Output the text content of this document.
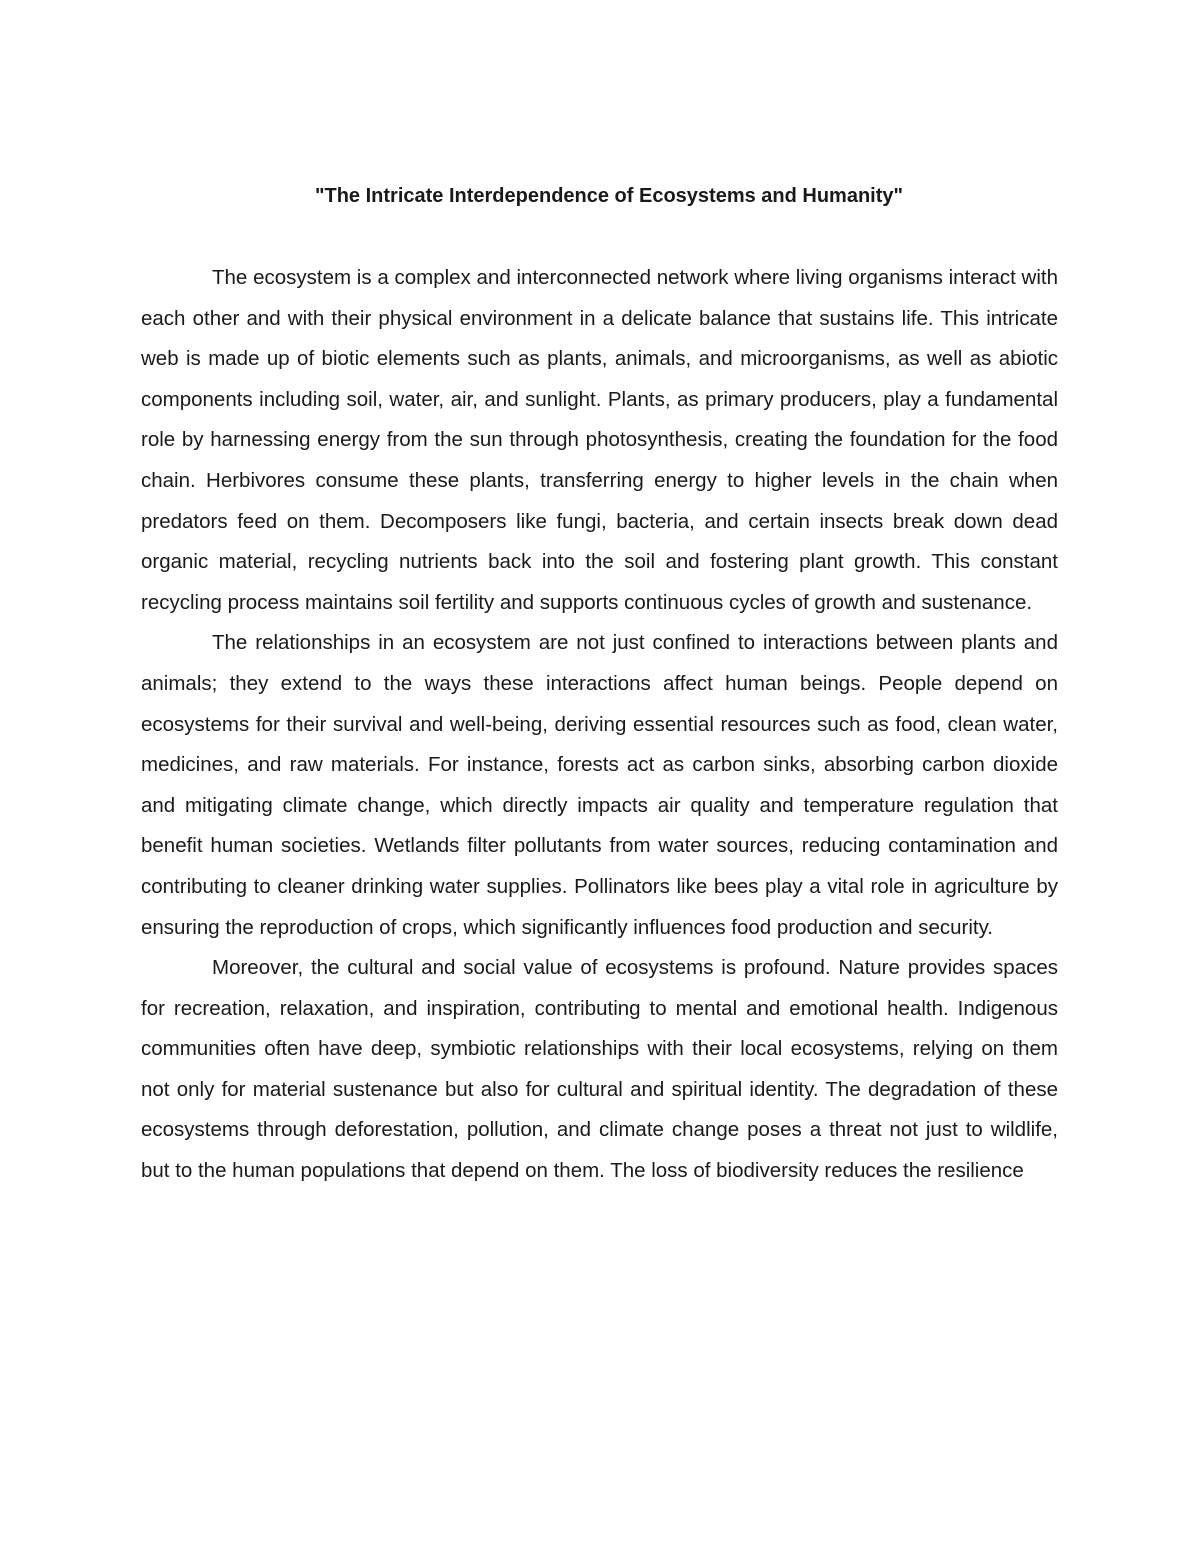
"The Intricate Interdependence of Ecosystems and Humanity"

The ecosystem is a complex and interconnected network where living organisms interact with each other and with their physical environment in a delicate balance that sustains life. This intricate web is made up of biotic elements such as plants, animals, and microorganisms, as well as abiotic components including soil, water, air, and sunlight. Plants, as primary producers, play a fundamental role by harnessing energy from the sun through photosynthesis, creating the foundation for the food chain. Herbivores consume these plants, transferring energy to higher levels in the chain when predators feed on them. Decomposers like fungi, bacteria, and certain insects break down dead organic material, recycling nutrients back into the soil and fostering plant growth. This constant recycling process maintains soil fertility and supports continuous cycles of growth and sustenance.

The relationships in an ecosystem are not just confined to interactions between plants and animals; they extend to the ways these interactions affect human beings. People depend on ecosystems for their survival and well-being, deriving essential resources such as food, clean water, medicines, and raw materials. For instance, forests act as carbon sinks, absorbing carbon dioxide and mitigating climate change, which directly impacts air quality and temperature regulation that benefit human societies. Wetlands filter pollutants from water sources, reducing contamination and contributing to cleaner drinking water supplies. Pollinators like bees play a vital role in agriculture by ensuring the reproduction of crops, which significantly influences food production and security.

Moreover, the cultural and social value of ecosystems is profound. Nature provides spaces for recreation, relaxation, and inspiration, contributing to mental and emotional health. Indigenous communities often have deep, symbiotic relationships with their local ecosystems, relying on them not only for material sustenance but also for cultural and spiritual identity. The degradation of these ecosystems through deforestation, pollution, and climate change poses a threat not just to wildlife, but to the human populations that depend on them. The loss of biodiversity reduces the resilience
